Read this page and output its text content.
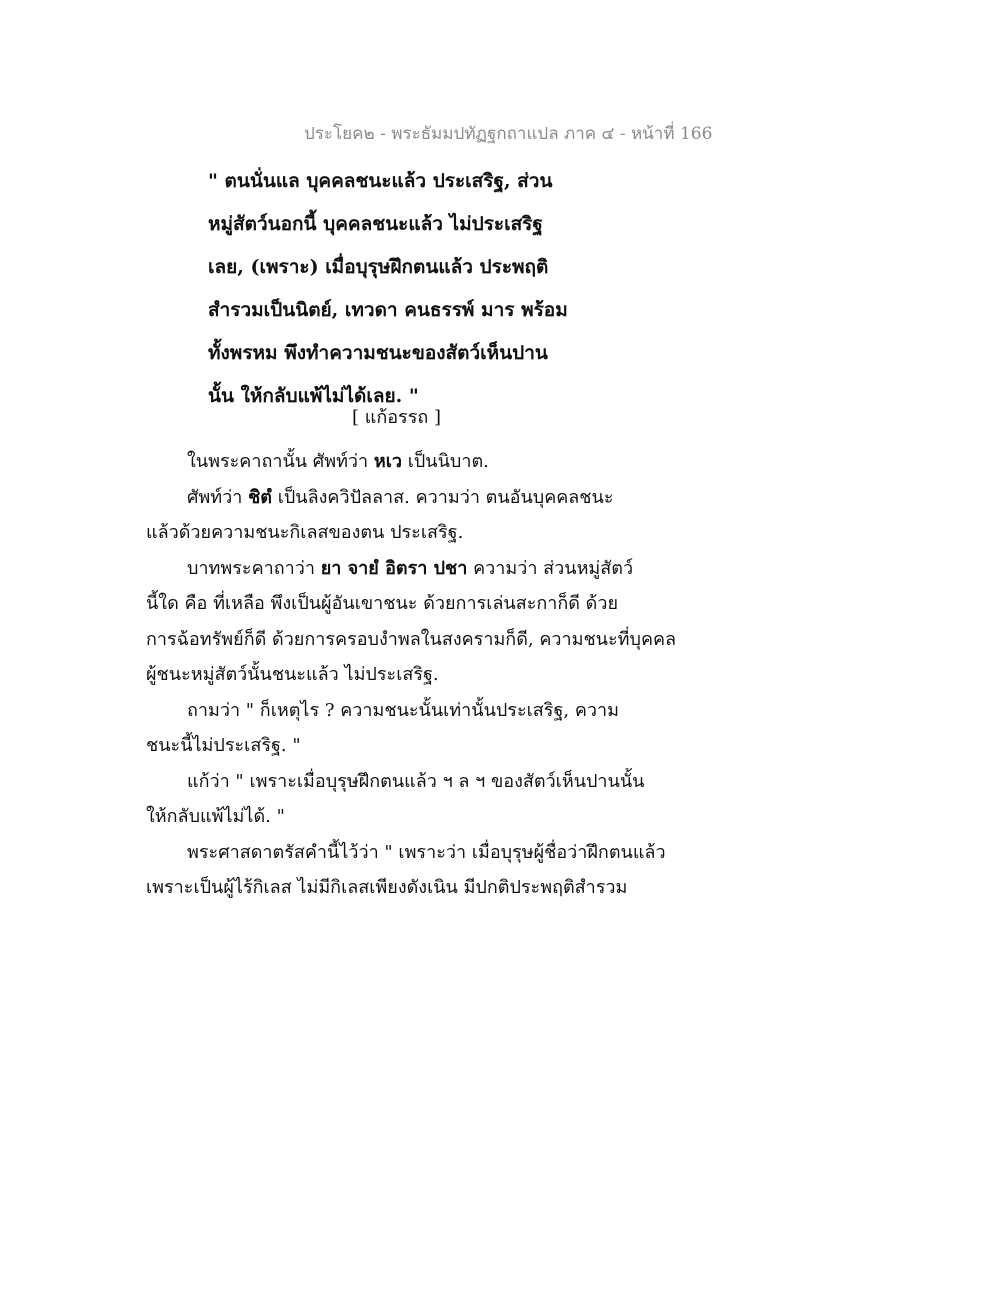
ประโยค๒ - พระธัมมปทัฏฐกถาแปล ภาค ๔ - หน้าที่ 166
" ตนนั่นแล บุคคลชนะแล้ว ประเสริฐ, ส่วน
หมู่สัตว์นอกนี้ บุคคลชนะแล้ว ไม่ประเสริฐ
เลย, (เพราะ) เมื่อบุรุษฝึกตนแล้ว ประพฤติ
สำรวมเป็นนิตย์, เทวดา คนธรรพ์ มาร พร้อม
ทั้งพรหม พึงทำความชนะของสัตว์เห็นปาน
นั้น ให้กลับแพ้ไม่ได้เลย. "
[ แก้อรรถ ]
ในพระคาถานั้น ศัพท์ว่า หเว เป็นนิบาต.
ศัพท์ว่า ชิตํ เป็นลิงควิปัลลาส. ความว่า ตนอันบุคคลชนะ
แล้วด้วยความชนะกิเลสของตน ประเสริฐ.
บาทพระคาถาว่า ยา จายํ อิตรา ปชา ความว่า ส่วนหมู่สัตว์
นี้ใด คือ ที่เหลือ พึงเป็นผู้อันเขาชนะ ด้วยการเล่นสะกาก็ดี ด้วย
การฉ้อทรัพย์ก็ดี ด้วยการครอบงำพลในสงครามก็ดี, ความชนะที่บุคคล
ผู้ชนะหมู่สัตว์นั้นชนะแล้ว ไม่ประเสริฐ.
ถามว่า " ก็เหตุไร ? ความชนะนั้นเท่านั้นประเสริฐ, ความ
ชนะนี้ไม่ประเสริฐ. "
แก้ว่า " เพราะเมื่อบุรุษฝึกตนแล้ว ฯ ล ฯ ของสัตว์เห็นปานนั้น
ให้กลับแพ้ไม่ได้. "
พระศาสดาตรัสคำนี้ไว้ว่า " เพราะว่า เมื่อบุรุษผู้ชื่อว่าฝึกตนแล้ว
เพราะเป็นผู้ไร้กิเลส ไม่มีกิเลสเพียงดังเนิน มีปกติประพฤติสำรวม
